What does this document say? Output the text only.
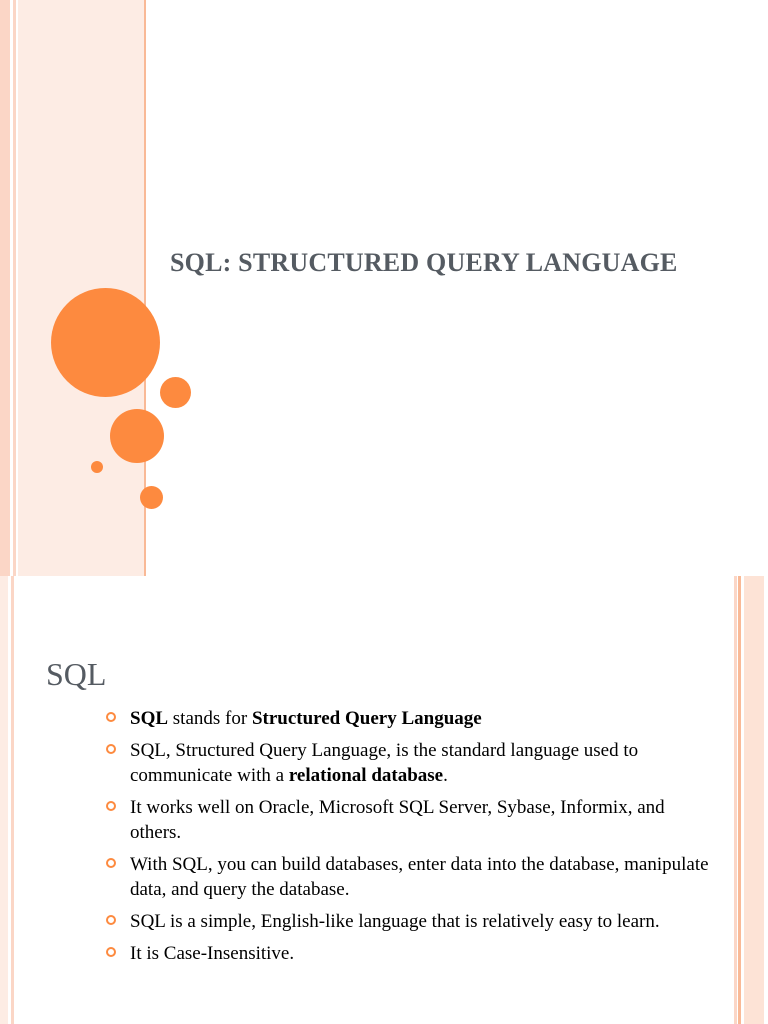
SQL: STRUCTURED QUERY LANGUAGE
SQL
SQL stands for Structured Query Language
SQL, Structured Query Language, is the standard language used to communicate with a relational database.
It works well on Oracle, Microsoft SQL Server, Sybase, Informix, and others.
With SQL, you can build databases, enter data into the database, manipulate data, and query the database.
SQL is a simple, English-like language that is relatively easy to learn.
It is Case-Insensitive.
